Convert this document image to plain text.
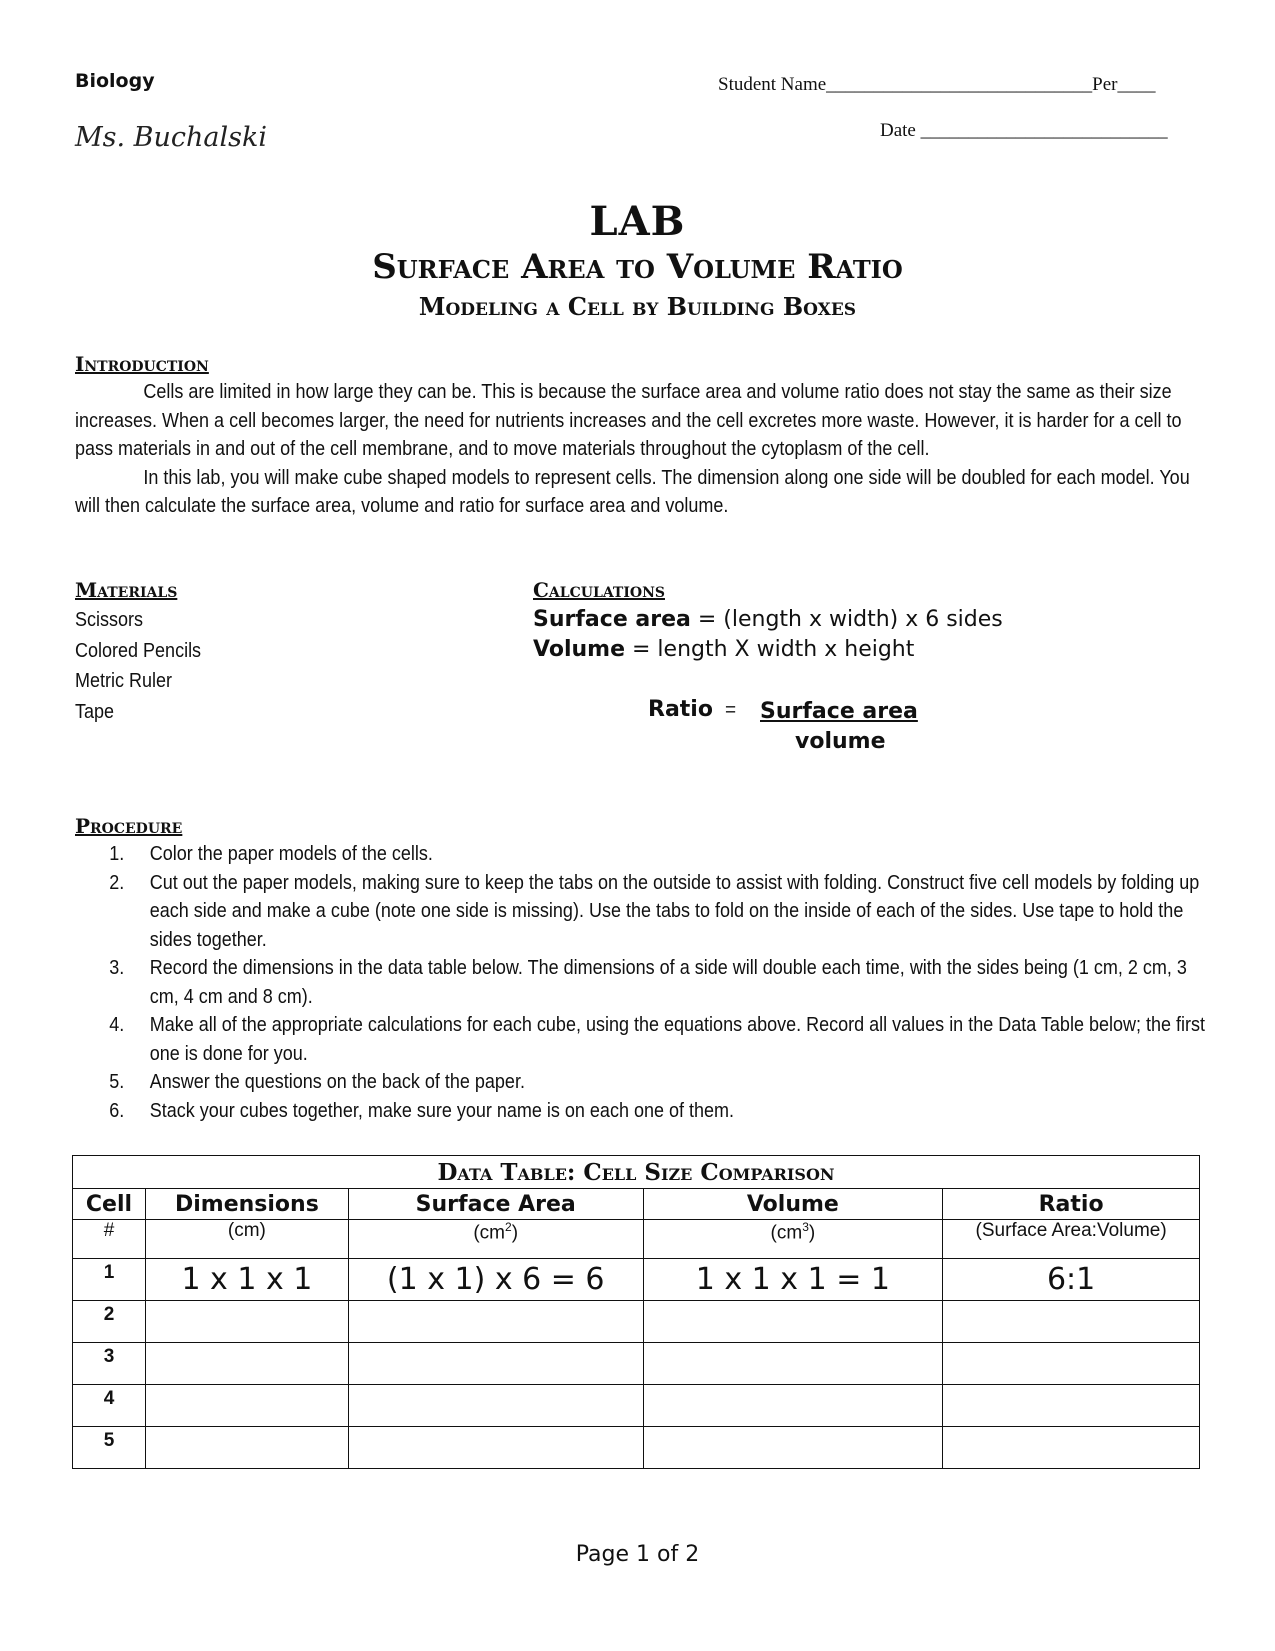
Biology
Ms. Buchalski
Student Name____________________________Per____
Date __________________________
LAB
Surface Area to Volume Ratio
Modeling a Cell by Building Boxes
Introduction

Cells are limited in how large they can be. This is because the surface area and volume ratio does not stay the same as their size increases. When a cell becomes larger, the need for nutrients increases and the cell excretes more waste. However, it is harder for a cell to pass materials in and out of the cell membrane, and to move materials throughout the cytoplasm of the cell.

In this lab, you will make cube shaped models to represent cells. The dimension along one side will be doubled for each model. You will then calculate the surface area, volume and ratio for surface area and volume.

Materials
Scissors
Colored Pencils
Metric Ruler
Tape
Calculations
Surface area = (length x width) x 6 sides
Volume = length X width x height
Ratio = Surface area
volume
Procedure
1. Color the paper models of the cells.
2. Cut out the paper models, making sure to keep the tabs on the outside to assist with folding. Construct five cell models by folding up each side and make a cube (note one side is missing). Use the tabs to fold on the inside of each of the sides. Use tape to hold the sides together.
3. Record the dimensions in the data table below. The dimensions of a side will double each time, with the sides being (1 cm, 2 cm, 3 cm, 4 cm and 8 cm).
4. Make all of the appropriate calculations for each cube, using the equations above. Record all values in the Data Table below; the first one is done for you.
5. Answer the questions on the back of the paper.
6. Stack your cubes together, make sure your name is on each one of them.
Data Table: Cell Size Comparison				
Cell	Dimensions	Surface Area	Volume	Ratio
#	(cm)	$(cm^2)$	$(cm^3)$	(Surface Area:Volume)
1	1 x 1 x 1	(1 x 1) x 6 = 6	1 x 1 x 1 = 1	6:1
2				
3				
4				
5				
Page 1 of 2
